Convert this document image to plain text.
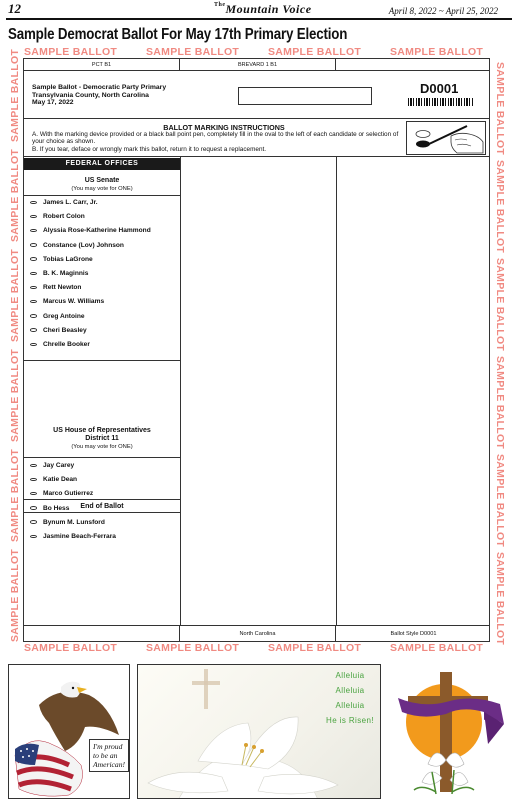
12	$^{The}$Mountain Voice	April 8, 2022 ~ April 25, 2022
Sample Democrat Ballot For May 17th Primary Election
SAMPLE BALLOT	SAMPLE BALLOT	SAMPLE BALLOT	SAMPLE BALLOT
SAMPLE BALLOT	SAMPLE BALLOT	SAMPLE BALLOT	SAMPLE BALLOT
SAMPLE BALLOT
SAMPLE BALLOT
SAMPLE BALLOT
SAMPLE BALLOT
SAMPLE BALLOT
SAMPLE BALLOT
SAMPLE BALLOT
SAMPLE BALLOT
SAMPLE BALLOT
SAMPLE BALLOT
SAMPLE BALLOT
SAMPLE BALLOT
PCT B1	BREVARD 1 B1
Sample Ballot - Democratic Party Primary
Transylvania County, North Carolina
May 17, 2022
D0001
BALLOT MARKING INSTRUCTIONS
A. With the marking device provided or a black ball point pen, completely fill in the oval to the left of each candidate or selection of your choice as shown.
B. If you tear, deface or wrongly mark this ballot, return it to request a replacement.
FEDERAL OFFICES
US Senate
(You may vote for ONE)
James L. Carr, Jr.
Robert Colon
Alyssia Rose-Katherine Hammond
Constance (Lov) Johnson
Tobias LaGrone
B. K. Maginnis
Rett Newton
Marcus W. Williams
Greg Antoine
Cheri Beasley
Chrelle Booker
US House of Representatives
District 11
(You may vote for ONE)
Jay Carey
Katie Dean
Marco Gutierrez
Bo Hess
Bynum M. Lunsford
Jasmine Beach-Ferrara
End of Ballot
North Carolina	Ballot Style D0001
I'm proud to be an American!
Alleluia
Alleluia
Alleluia
He is Risen!
